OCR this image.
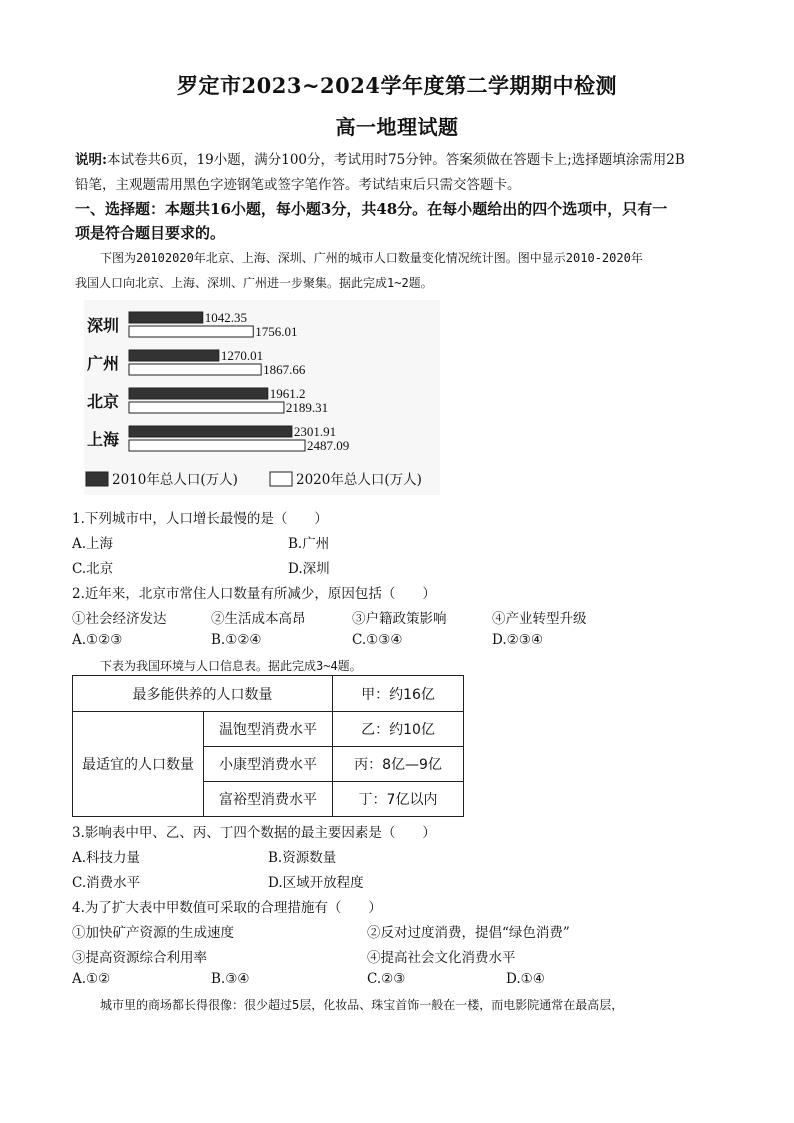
罗定市2023~2024学年度第二学期期中检测
高一地理试题
说明:本试卷共6页，19小题，满分100分，考试用时75分钟。答案须做在答题卡上;选择题填涂需用2B
铅笔，主观题需用黑色字迹钢笔或签字笔作答。考试结束后只需交答题卡。
一、选择题：本题共16小题，每小题3分，共48分。在每小题给出的四个选项中，只有一
项是符合题目要求的。
下图为20102020年北京、上海、深圳、广州的城市人口数量变化情况统计图。图中显示2010-2020年
我国人口向北京、上海、深圳、广州进一步聚集。据此完成1~2题。
深圳	1042.35
1756.01
广州	1270.01
1867.66
北京	1961.2
2189.31
上海	2301.91
2487.09
2010年总人口(万人)	2020年总人口(万人)
1.下列城市中，人口增长最慢的是（　　）
A.上海	B.广州
C.北京	D.深圳
2.近年来，北京市常住人口数量有所减少，原因包括（　　）
①社会经济发达	②生活成本高昂	③户籍政策影响	④产业转型升级
A.①②③	B.①②④	C.①③④	D.②③④
下表为我国环境与人口信息表。据此完成3~4题。
最多能供养的人口数量		甲：约16亿
最适宜的人口数量	温饱型消费水平	乙：约10亿
	小康型消费水平	丙：8亿—9亿
	富裕型消费水平	丁：7亿以内
3.影响表中甲、乙、丙、丁四个数据的最主要因素是（　　）
A.科技力量	B.资源数量
C.消费水平	D.区域开放程度
4.为了扩大表中甲数值可采取的合理措施有（　　）
①加快矿产资源的生成速度	②反对过度消费，提倡“绿色消费”
③提高资源综合利用率	④提高社会文化消费水平
A.①②	B.③④	C.②③	D.①④
城市里的商场都长得很像：很少超过5层，化妆品、珠宝首饰一般在一楼，而电影院通常在最高层，
